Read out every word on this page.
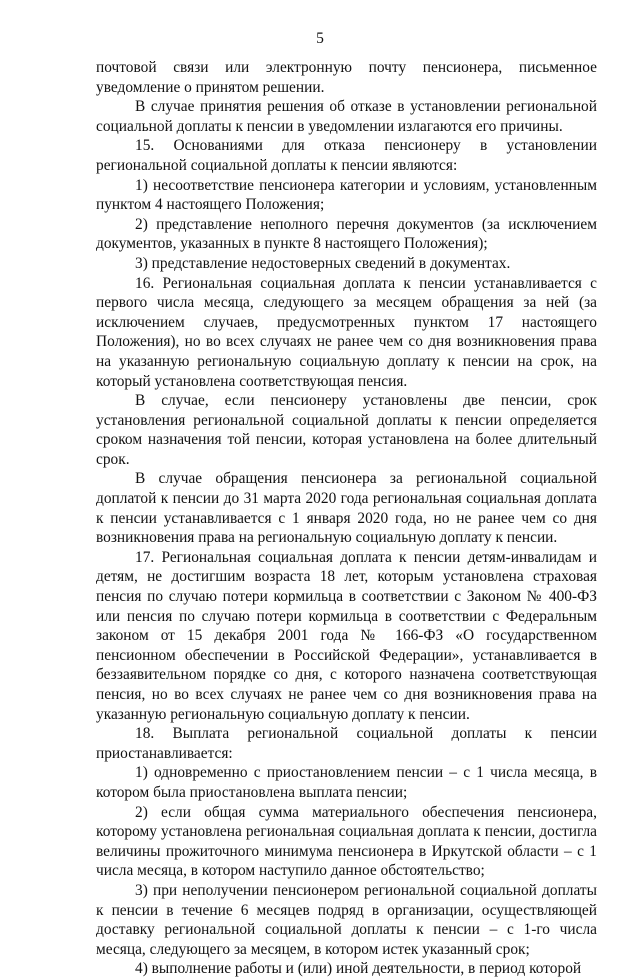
5

почтовой связи или электронную почту пенсионера, письменное уведомление о принятом решении.

В случае принятия решения об отказе в установлении региональной социальной доплаты к пенсии в уведомлении излагаются его причины.

15. Основаниями для отказа пенсионеру в установлении региональной социальной доплаты к пенсии являются:

1) несоответствие пенсионера категории и условиям, установленным пунктом 4 настоящего Положения;

2) представление неполного перечня документов (за исключением документов, указанных в пункте 8 настоящего Положения);

3) представление недостоверных сведений в документах.

16. Региональная социальная доплата к пенсии устанавливается с первого числа месяца, следующего за месяцем обращения за ней (за исключением случаев, предусмотренных пунктом 17 настоящего Положения), но во всех случаях не ранее чем со дня возникновения права на указанную региональную социальную доплату к пенсии на срок, на который установлена соответствующая пенсия.

В случае, если пенсионеру установлены две пенсии, срок установления региональной социальной доплаты к пенсии определяется сроком назначения той пенсии, которая установлена на более длительный срок.

В случае обращения пенсионера за региональной социальной доплатой к пенсии до 31 марта 2020 года региональная социальная доплата к пенсии устанавливается с 1 января 2020 года, но не ранее чем со дня возникновения права на региональную социальную доплату к пенсии.

17. Региональная социальная доплата к пенсии детям-инвалидам и детям, не достигшим возраста 18 лет, которым установлена страховая пенсия по случаю потери кормильца в соответствии с Законом № 400-ФЗ или пенсия по случаю потери кормильца в соответствии с Федеральным законом от 15 декабря 2001 года № 166-ФЗ «О государственном пенсионном обеспечении в Российской Федерации», устанавливается в беззаявительном порядке со дня, с которого назначена соответствующая пенсия, но во всех случаях не ранее чем со дня возникновения права на указанную региональную социальную доплату к пенсии.

18. Выплата региональной социальной доплаты к пенсии приостанавливается:

1) одновременно с приостановлением пенсии – с 1 числа месяца, в котором была приостановлена выплата пенсии;

2) если общая сумма материального обеспечения пенсионера, которому установлена региональная социальная доплата к пенсии, достигла величины прожиточного минимума пенсионера в Иркутской области – с 1 числа месяца, в котором наступило данное обстоятельство;

3) при неполучении пенсионером региональной социальной доплаты к пенсии в течение 6 месяцев подряд в организации, осуществляющей доставку региональной социальной доплаты к пенсии – с 1-го числа месяца, следующего за месяцем, в котором истек указанный срок;

4) выполнение работы и (или) иной деятельности, в период которой
